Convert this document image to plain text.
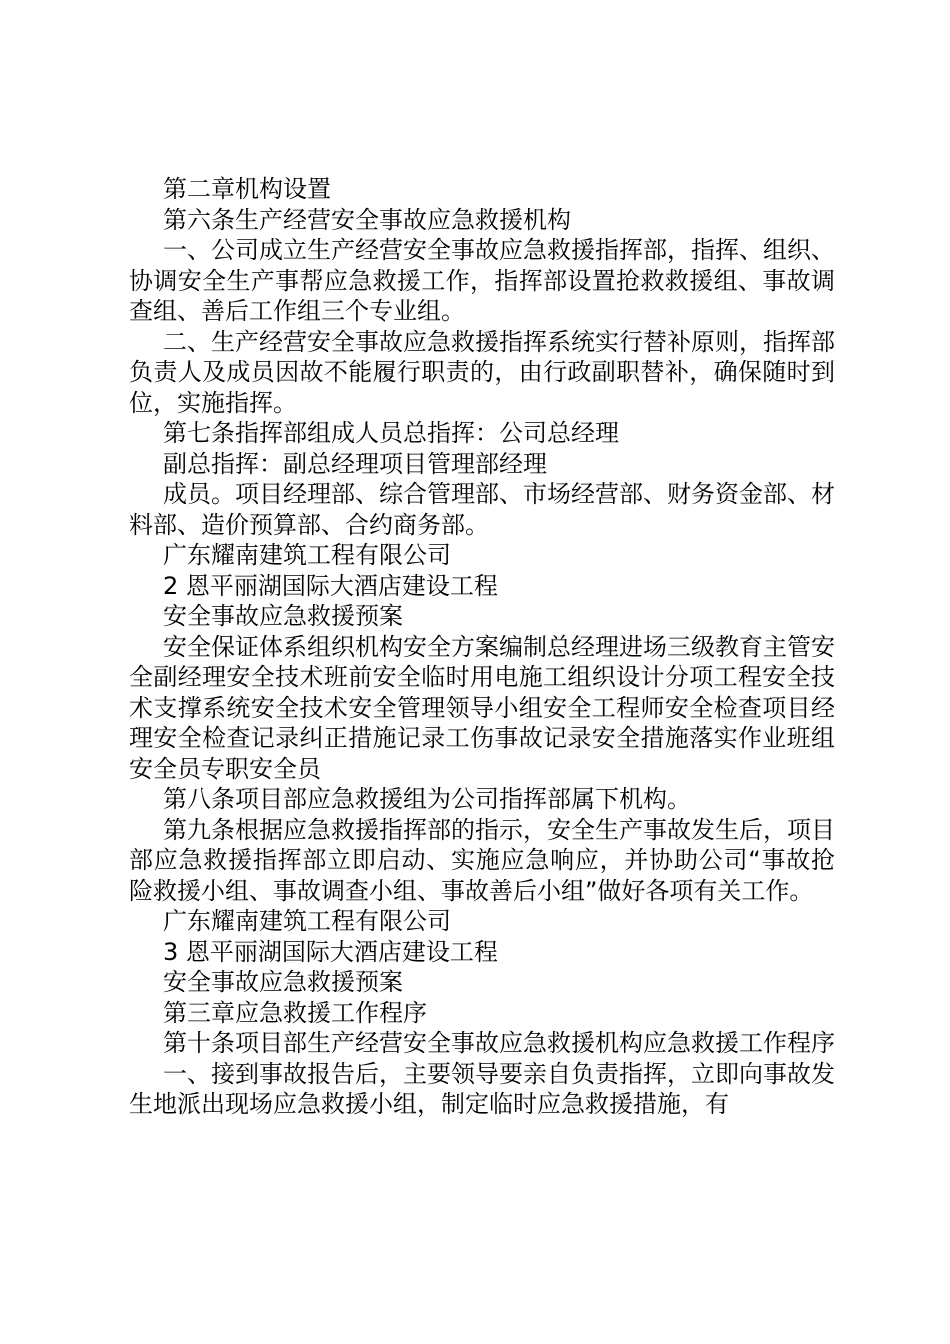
第二章机构设置

第六条生产经营安全事故应急救援机构

一、公司成立生产经营安全事故应急救援指挥部，指挥、组织、协调安全生产事帮应急救援工作，指挥部设置抢救救援组、事故调查组、善后工作组三个专业组。

二、生产经营安全事故应急救援指挥系统实行替补原则，指挥部负责人及成员因故不能履行职责的，由行政副职替补，确保随时到位，实施指挥。

第七条指挥部组成人员总指挥：公司总经理

副总指挥：副总经理项目管理部经理

成员。项目经理部、综合管理部、市场经营部、财务资金部、材料部、造价预算部、合约商务部。

广东耀南建筑工程有限公司

2 恩平丽湖国际大酒店建设工程

安全事故应急救援预案

安全保证体系组织机构安全方案编制总经理进场三级教育主管安全副经理安全技术班前安全临时用电施工组织设计分项工程安全技术支撑系统安全技术安全管理领导小组安全工程师安全检查项目经理安全检查记录纠正措施记录工伤事故记录安全措施落实作业班组安全员专职安全员

第八条项目部应急救援组为公司指挥部属下机构。

第九条根据应急救援指挥部的指示，安全生产事故发生后，项目部应急救援指挥部立即启动、实施应急响应，并协助公司“事故抢险救援小组、事故调查小组、事故善后小组”做好各项有关工作。

广东耀南建筑工程有限公司

3 恩平丽湖国际大酒店建设工程

安全事故应急救援预案

第三章应急救援工作程序

第十条项目部生产经营安全事故应急救援机构应急救援工作程序

一、接到事故报告后，主要领导要亲自负责指挥，立即向事故发生地派出现场应急救援小组，制定临时应急救援措施，有
